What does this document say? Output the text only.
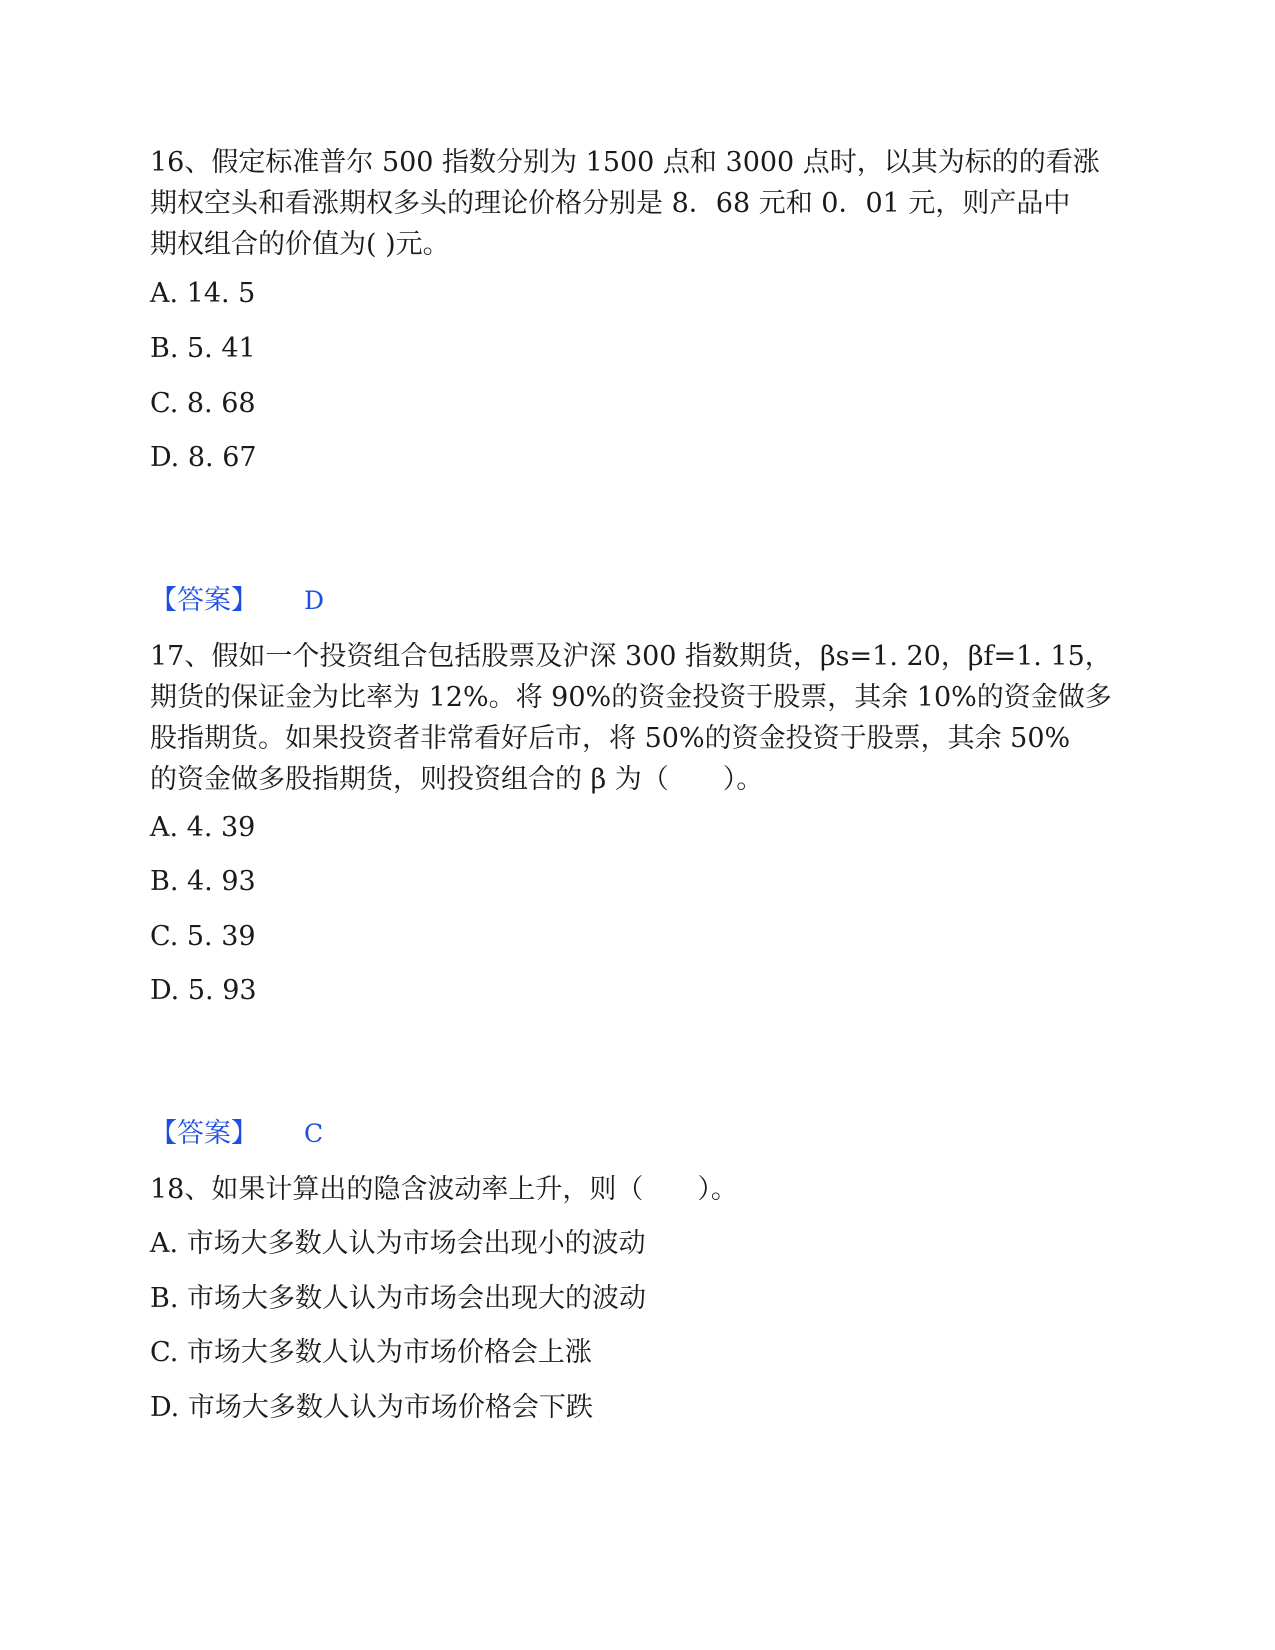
16、假定标准普尔 500 指数分别为 1500 点和 3000 点时，以其为标的的看涨

期权空头和看涨期权多头的理论价格分别是 8．68 元和 0．01 元，则产品中

期权组合的价值为( )元。

A. 14. 5
B. 5. 41
C. 8. 68
D. 8. 67
【答案】 D

17、假如一个投资组合包括股票及沪深 300 指数期货，βs=1. 20，βf=1. 15，

期货的保证金为比率为 12%。将 90%的资金投资于股票，其余 10%的资金做多

股指期货。如果投资者非常看好后市，将 50%的资金投资于股票，其余 50%

的资金做多股指期货，则投资组合的 β 为（　　）。

A. 4. 39
B. 4. 93
C. 5. 39
D. 5. 93
【答案】 C

18、如果计算出的隐含波动率上升，则（　　）。

A. 市场大多数人认为市场会出现小的波动
B. 市场大多数人认为市场会出现大的波动
C. 市场大多数人认为市场价格会上涨
D. 市场大多数人认为市场价格会下跌
